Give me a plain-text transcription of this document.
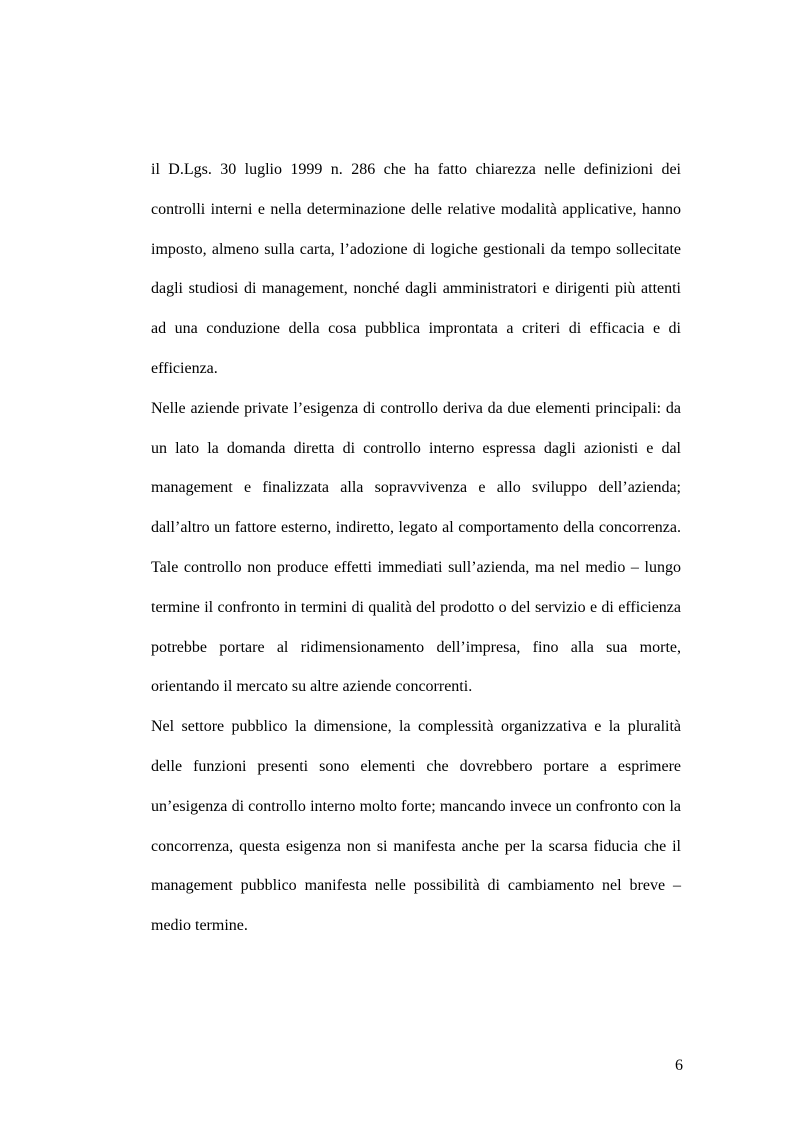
il D.Lgs. 30 luglio 1999 n. 286 che ha fatto chiarezza nelle definizioni dei controlli interni e nella determinazione delle relative modalità applicative, hanno imposto, almeno sulla carta, l’adozione di logiche gestionali da tempo sollecitate dagli studiosi di management, nonché dagli amministratori e dirigenti più attenti ad una conduzione della cosa pubblica improntata a criteri di efficacia e di efficienza.

Nelle aziende private l’esigenza di controllo deriva da due elementi principali: da un lato la domanda diretta di controllo interno espressa dagli azionisti e dal management e finalizzata alla sopravvivenza e allo sviluppo dell’azienda; dall’altro un fattore esterno, indiretto, legato al comportamento della concorrenza. Tale controllo non produce effetti immediati sull’azienda, ma nel medio – lungo termine il confronto in termini di qualità del prodotto o del servizio e di efficienza potrebbe portare al ridimensionamento dell’impresa, fino alla sua morte, orientando il mercato su altre aziende concorrenti.

Nel settore pubblico la dimensione, la complessità organizzativa e la pluralità delle funzioni presenti sono elementi che dovrebbero portare a esprimere un’esigenza di controllo interno molto forte; mancando invece un confronto con la concorrenza, questa esigenza non si manifesta anche per la scarsa fiducia che il management pubblico manifesta nelle possibilità di cambiamento nel breve – medio termine.

6
